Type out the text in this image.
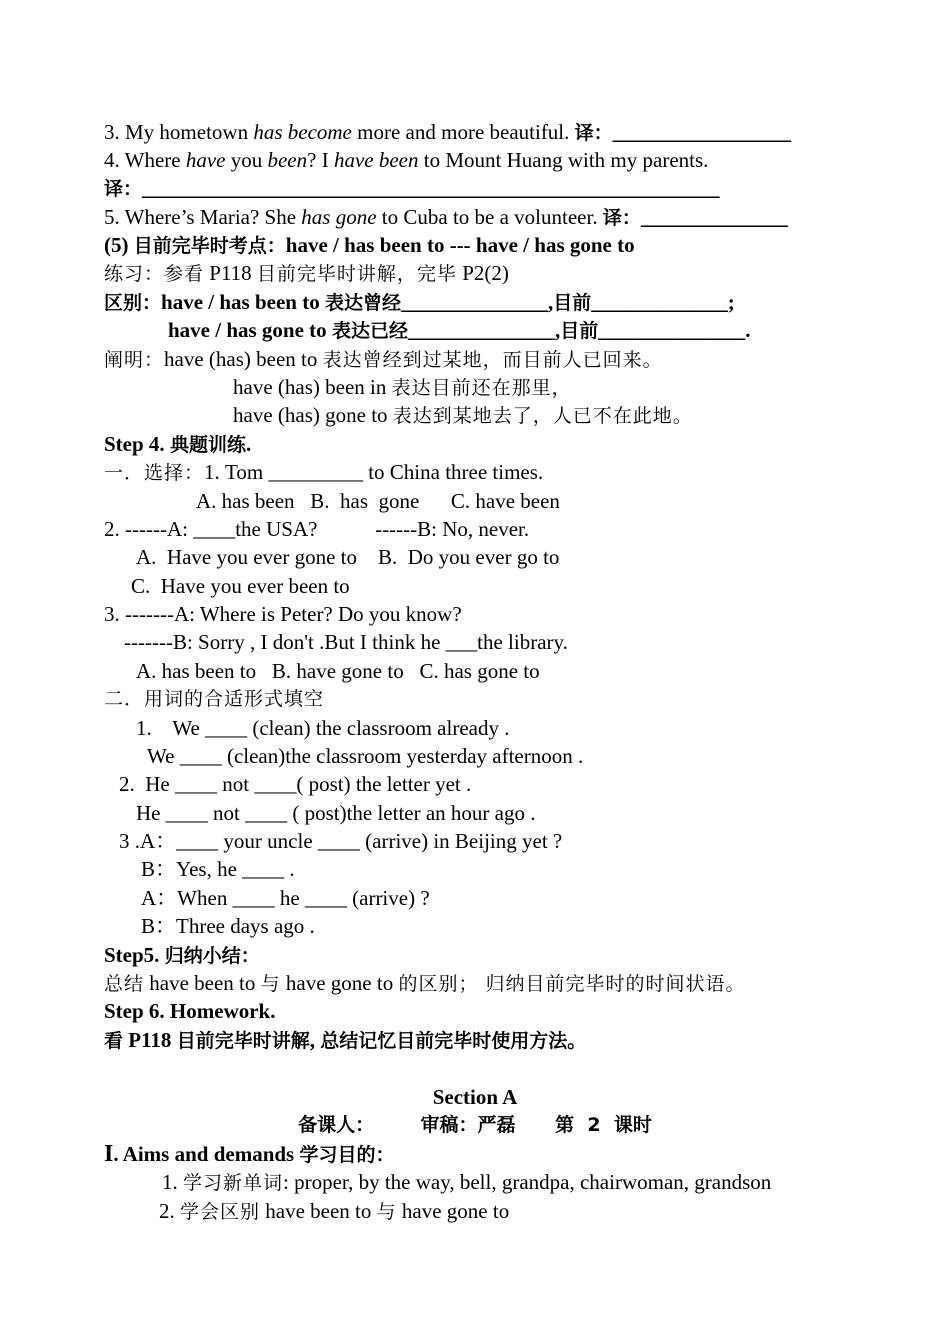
3. My hometown has become more and more beautiful. 译：_________________
4. Where have you been? I have been to Mount Huang with my parents.
译：_______________________________________________________
5. Where’s Maria? She has gone to Cuba to be a volunteer. 译：______________
(5) 目前完毕时考点：have / has been to --- have / has gone to
练习：参看 P118 目前完毕时讲解，完毕 P2(2)
区别：have / has been to 表达曾经______________,目前_____________;
have / has gone to 表达已经______________,目前______________.
阐明：have (has) been to 表达曾经到过某地，而目前人已回来。
have (has) been in 表达目前还在那里，
have (has) gone to 表达到某地去了，人已不在此地。
Step 4. 典题训练.
一．选择：1. Tom _________ to China three times.
A. has been   B.  has  gone      C. have been
2. ------A: ____the USA?           ------B: No, never.
A.  Have you ever gone to    B.  Do you ever go to
C.  Have you ever been to
3. -------A: Where is Peter? Do you know?
-------B: Sorry , I don't .But I think he ___the library.
A. has been to   B. have gone to   C. has gone to
二．用词的合适形式填空
1.    We ____ (clean) the classroom already .
We ____ (clean)the classroom yesterday afternoon .
2.  He ____ not ____( post) the letter yet .
He ____ not ____ ( post)the letter an hour ago .
3 .A：____ your uncle ____ (arrive) in Beijing yet ?
B：Yes, he ____ .
A：When ____ he ____ (arrive) ?
B：Three days ago .
Step5. 归纳小结：
总结 have been to 与 have gone to 的区别； 归纳目前完毕时的时间状语。
Step 6. Homework.
看 P118 目前完毕时讲解, 总结记忆目前完毕时使用方法。
Section A
备课人：       审稿：严磊      第  2  课时
I. Aims and demands 学习目的：
1. 学习新单词: proper, by the way, bell, grandpa, chairwoman, grandson
2. 学会区别 have been to 与 have gone to
